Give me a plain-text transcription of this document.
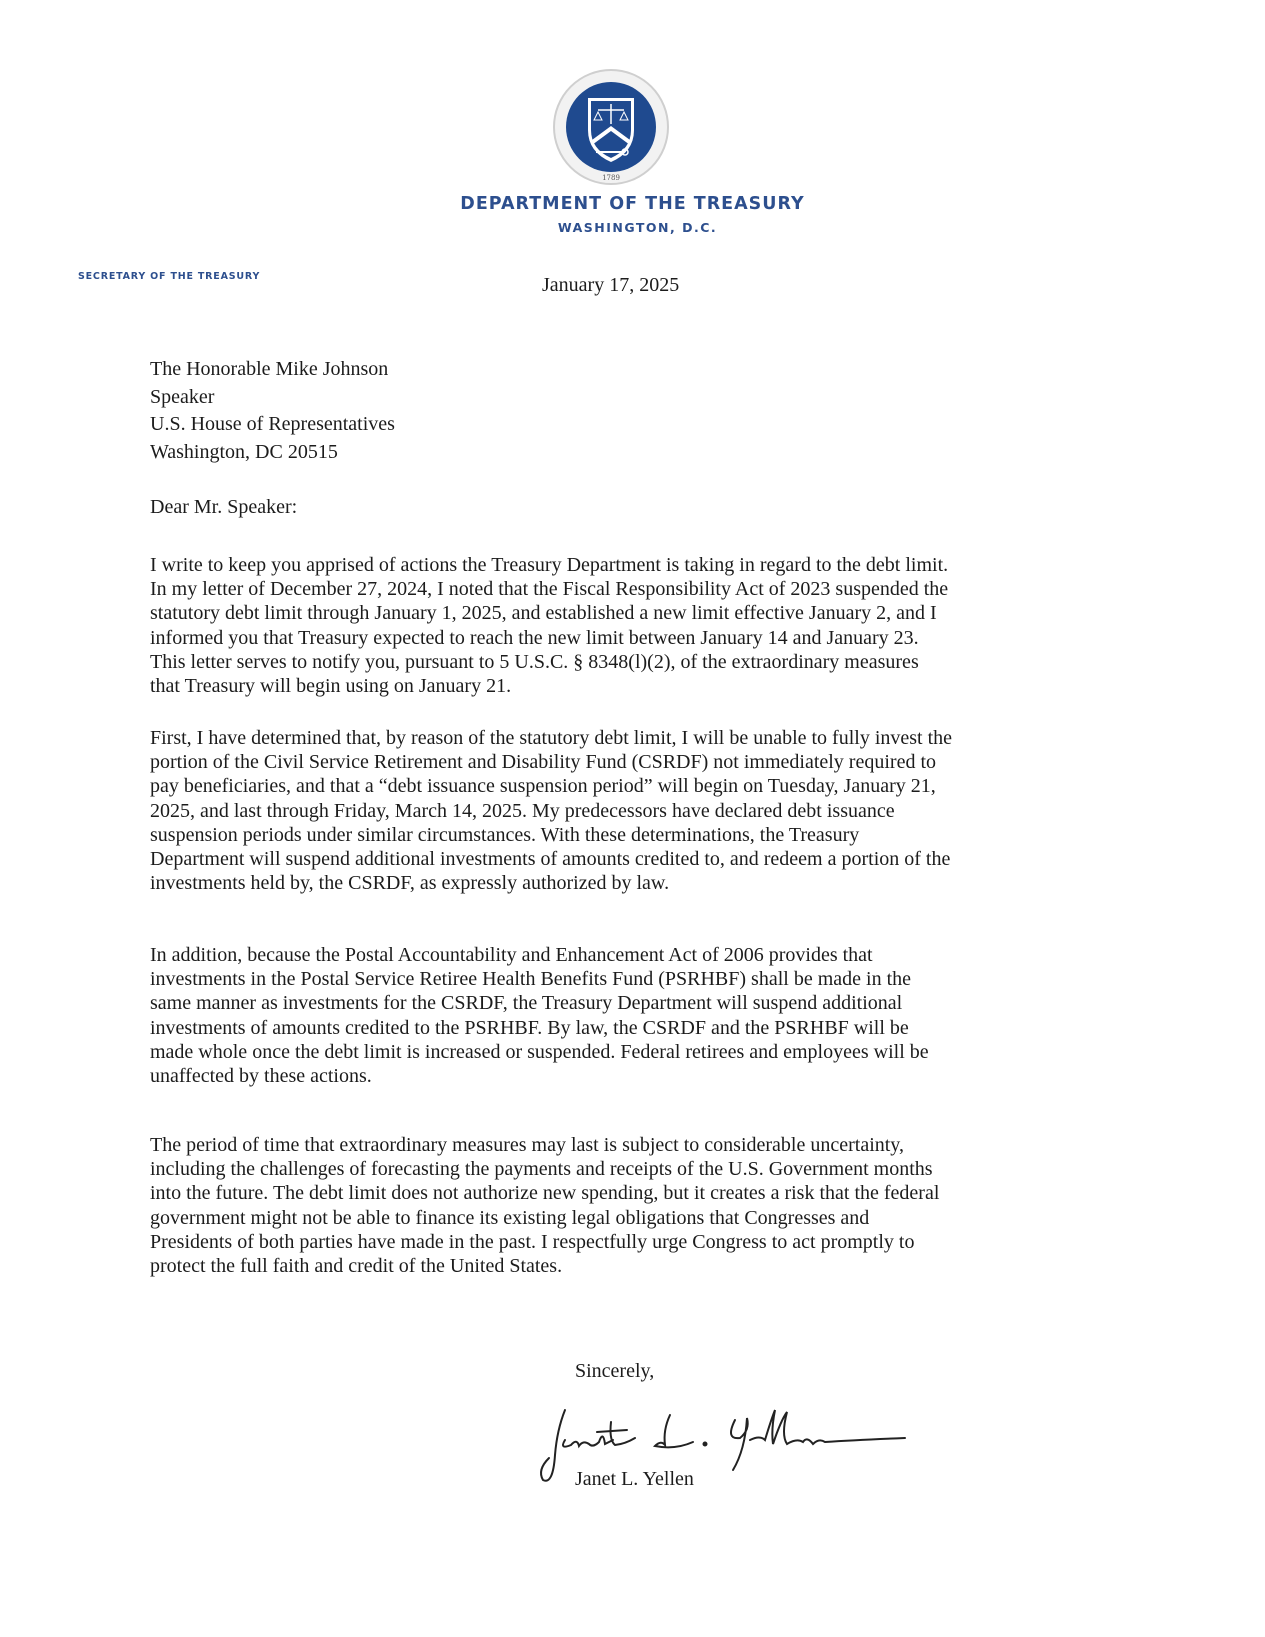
1789
DEPARTMENT OF THE TREASURY
WASHINGTON, D.C.
SECRETARY OF THE TREASURY	January 17, 2025
The Honorable Mike Johnson
Speaker
U.S. House of Representatives
Washington, DC 20515
Dear Mr. Speaker:
I write to keep you apprised of actions the Treasury Department is taking in regard to the debt limit.
In my letter of December 27, 2024, I noted that the Fiscal Responsibility Act of 2023 suspended the
statutory debt limit through January 1, 2025, and established a new limit effective January 2, and I
informed you that Treasury expected to reach the new limit between January 14 and January 23.
This letter serves to notify you, pursuant to 5 U.S.C. § 8348(l)(2), of the extraordinary measures
that Treasury will begin using on January 21.
First, I have determined that, by reason of the statutory debt limit, I will be unable to fully invest the
portion of the Civil Service Retirement and Disability Fund (CSRDF) not immediately required to
pay beneficiaries, and that a “debt issuance suspension period” will begin on Tuesday, January 21,
2025, and last through Friday, March 14, 2025. My predecessors have declared debt issuance
suspension periods under similar circumstances. With these determinations, the Treasury
Department will suspend additional investments of amounts credited to, and redeem a portion of the
investments held by, the CSRDF, as expressly authorized by law.
In addition, because the Postal Accountability and Enhancement Act of 2006 provides that
investments in the Postal Service Retiree Health Benefits Fund (PSRHBF) shall be made in the
same manner as investments for the CSRDF, the Treasury Department will suspend additional
investments of amounts credited to the PSRHBF. By law, the CSRDF and the PSRHBF will be
made whole once the debt limit is increased or suspended. Federal retirees and employees will be
unaffected by these actions.
The period of time that extraordinary measures may last is subject to considerable uncertainty,
including the challenges of forecasting the payments and receipts of the U.S. Government months
into the future. The debt limit does not authorize new spending, but it creates a risk that the federal
government might not be able to finance its existing legal obligations that Congresses and
Presidents of both parties have made in the past. I respectfully urge Congress to act promptly to
protect the full faith and credit of the United States.
Sincerely,
Janet L. Yellen
